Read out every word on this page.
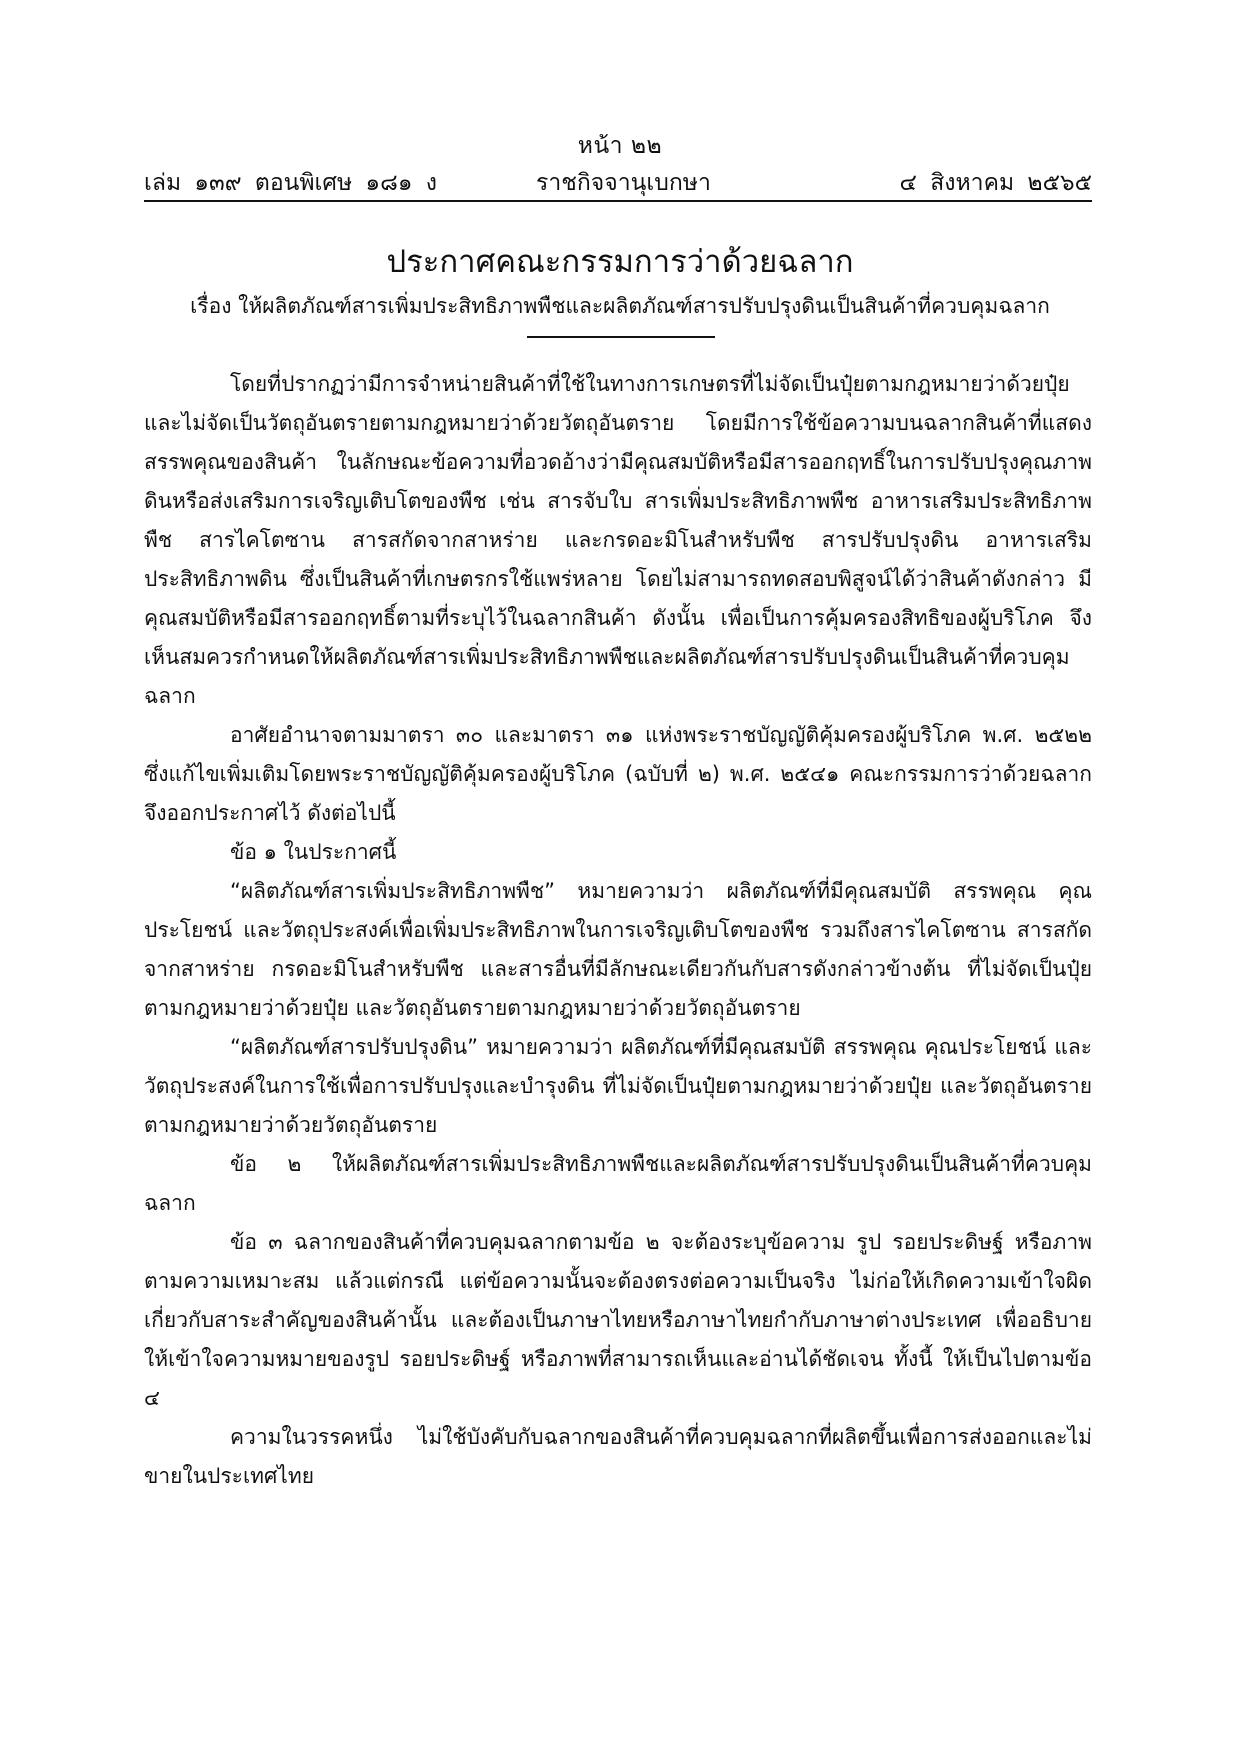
หน้า ๒๒
เล่ม ๑๓๙ ตอนพิเศษ ๑๘๑ ง	ราชกิจจานุเบกษา	๔ สิงหาคม ๒๕๖๕
ประกาศคณะกรรมการว่าด้วยฉลาก
เรื่อง ให้ผลิตภัณฑ์สารเพิ่มประสิทธิภาพพืชและผลิตภัณฑ์สารปรับปรุงดินเป็นสินค้าที่ควบคุมฉลาก

โดยที่ปรากฏว่ามีการจำหน่ายสินค้าที่ใช้ในทางการเกษตรที่ไม่จัดเป็นปุ๋ยตามกฎหมายว่าด้วยปุ๋ย และไม่จัดเป็นวัตถุอันตรายตามกฎหมายว่าด้วยวัตถุอันตราย โดยมีการใช้ข้อความบนฉลากสินค้าที่แสดงสรรพคุณของสินค้า ในลักษณะข้อความที่อวดอ้างว่ามีคุณสมบัติหรือมีสารออกฤทธิ์ในการปรับปรุงคุณภาพดินหรือส่งเสริมการเจริญเติบโตของพืช เช่น สารจับใบ สารเพิ่มประสิทธิภาพพืช อาหารเสริมประสิทธิภาพพืช สารไคโตซาน สารสกัดจากสาหร่าย และกรดอะมิโนสำหรับพืช สารปรับปรุงดิน อาหารเสริมประสิทธิภาพดิน ซึ่งเป็นสินค้าที่เกษตรกรใช้แพร่หลาย โดยไม่สามารถทดสอบพิสูจน์ได้ว่าสินค้าดังกล่าว มีคุณสมบัติหรือมีสารออกฤทธิ์ตามที่ระบุไว้ในฉลากสินค้า ดังนั้น เพื่อเป็นการคุ้มครองสิทธิของผู้บริโภค จึงเห็นสมควรกำหนดให้ผลิตภัณฑ์สารเพิ่มประสิทธิภาพพืชและผลิตภัณฑ์สารปรับปรุงดินเป็นสินค้าที่ควบคุมฉลาก

อาศัยอำนาจตามมาตรา ๓๐ และมาตรา ๓๑ แห่งพระราชบัญญัติคุ้มครองผู้บริโภค พ.ศ. ๒๕๒๒ ซึ่งแก้ไขเพิ่มเติมโดยพระราชบัญญัติคุ้มครองผู้บริโภค (ฉบับที่ ๒) พ.ศ. ๒๕๔๑ คณะกรรมการว่าด้วยฉลาก จึงออกประกาศไว้ ดังต่อไปนี้

ข้อ ๑ ในประกาศนี้

“ผลิตภัณฑ์สารเพิ่มประสิทธิภาพพืช” หมายความว่า ผลิตภัณฑ์ที่มีคุณสมบัติ สรรพคุณ คุณประโยชน์ และวัตถุประสงค์เพื่อเพิ่มประสิทธิภาพในการเจริญเติบโตของพืช รวมถึงสารไคโตซาน สารสกัดจากสาหร่าย กรดอะมิโนสำหรับพืช และสารอื่นที่มีลักษณะเดียวกันกับสารดังกล่าวข้างต้น ที่ไม่จัดเป็นปุ๋ยตามกฎหมายว่าด้วยปุ๋ย และวัตถุอันตรายตามกฎหมายว่าด้วยวัตถุอันตราย

“ผลิตภัณฑ์สารปรับปรุงดิน” หมายความว่า ผลิตภัณฑ์ที่มีคุณสมบัติ สรรพคุณ คุณประโยชน์ และวัตถุประสงค์ในการใช้เพื่อการปรับปรุงและบำรุงดิน ที่ไม่จัดเป็นปุ๋ยตามกฎหมายว่าด้วยปุ๋ย และวัตถุอันตรายตามกฎหมายว่าด้วยวัตถุอันตราย

ข้อ ๒ ให้ผลิตภัณฑ์สารเพิ่มประสิทธิภาพพืชและผลิตภัณฑ์สารปรับปรุงดินเป็นสินค้าที่ควบคุมฉลาก

ข้อ ๓ ฉลากของสินค้าที่ควบคุมฉลากตามข้อ ๒ จะต้องระบุข้อความ รูป รอยประดิษฐ์ หรือภาพตามความเหมาะสม แล้วแต่กรณี แต่ข้อความนั้นจะต้องตรงต่อความเป็นจริง ไม่ก่อให้เกิดความเข้าใจผิดเกี่ยวกับสาระสำคัญของสินค้านั้น และต้องเป็นภาษาไทยหรือภาษาไทยกำกับภาษาต่างประเทศ เพื่ออธิบายให้เข้าใจความหมายของรูป รอยประดิษฐ์ หรือภาพที่สามารถเห็นและอ่านได้ชัดเจน ทั้งนี้ ให้เป็นไปตามข้อ ๔

ความในวรรคหนึ่ง ไม่ใช้บังคับกับฉลากของสินค้าที่ควบคุมฉลากที่ผลิตขึ้นเพื่อการส่งออกและไม่ขายในประเทศไทย
